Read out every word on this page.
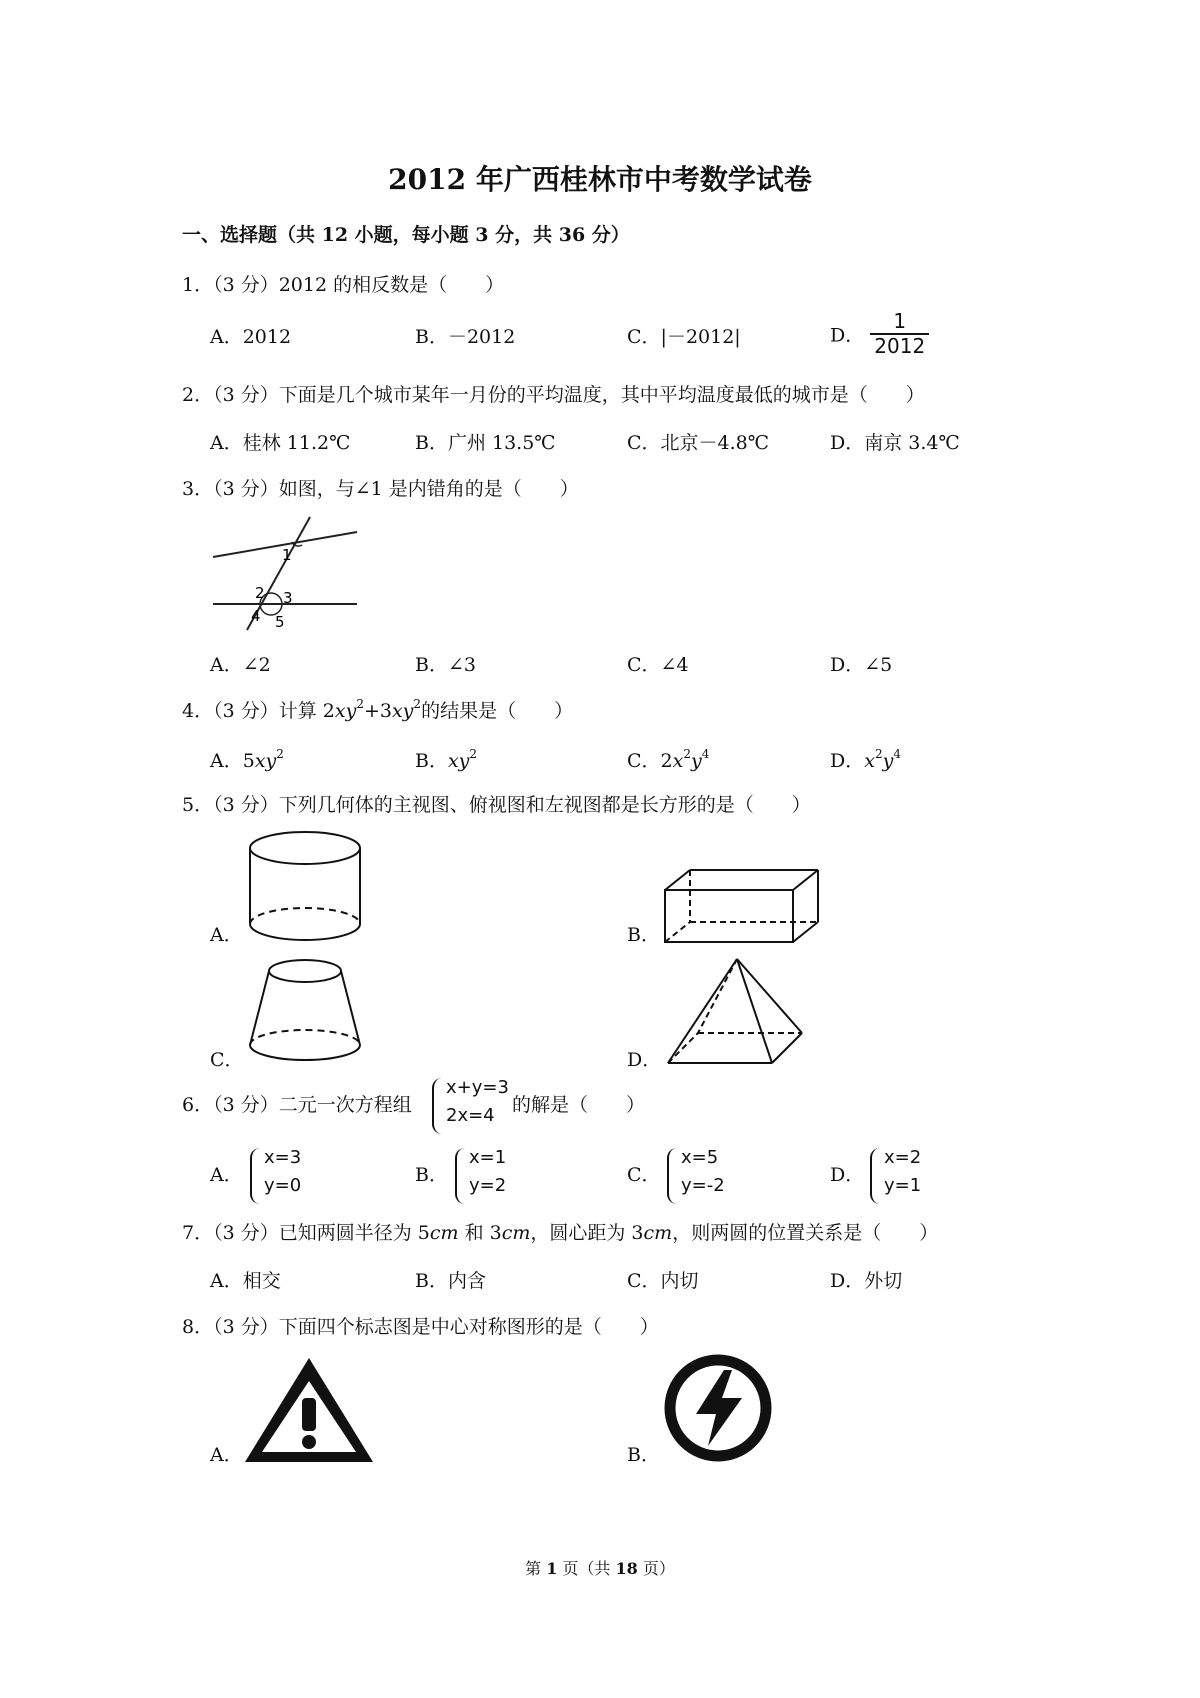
2012 年广西桂林市中考数学试卷
一、选择题（共 12 小题，每小题 3 分，共 36 分）
1．（3 分）2012 的相反数是（　　）
A．2012	B．－2012	C．|－2012|	D． $\frac{1}{2012}$
2．（3 分）下面是几个城市某年一月份的平均温度，其中平均温度最低的城市是（　　）
A．桂林 11.2℃	B．广州 13.5℃	C．北京－4.8℃	D．南京 3.4℃
3．（3 分）如图，与∠1 是内错角的是（　　）
1
2 3
4 5
A．∠2	B．∠3	C．∠4	D．∠5
4．（3 分）计算 $2xy^2+3xy^2$的结果是（　　）
A．$5xy^2$	B．$xy^2$	C．$2x^2y^4$	D．$x^2y^4$
5．（3 分）下列几何体的主视图、俯视图和左视图都是长方形的是（　　）
A．	B．
C．	D．
6．（3 分）二元一次方程组
x+y=3
2x=4 的解是（　　）
A．
x=3
y=0	B．
x=1
y=2	C．
x=5
y=-2	D．
x=2
y=1
7．（3 分）已知两圆半径为 5cm 和 3cm，圆心距为 3cm，则两圆的位置关系是（　　）
A．相交	B．内含	C．内切	D．外切
8．（3 分）下面四个标志图是中心对称图形的是（　　）
A．	B．
第 1 页（共 18 页）
